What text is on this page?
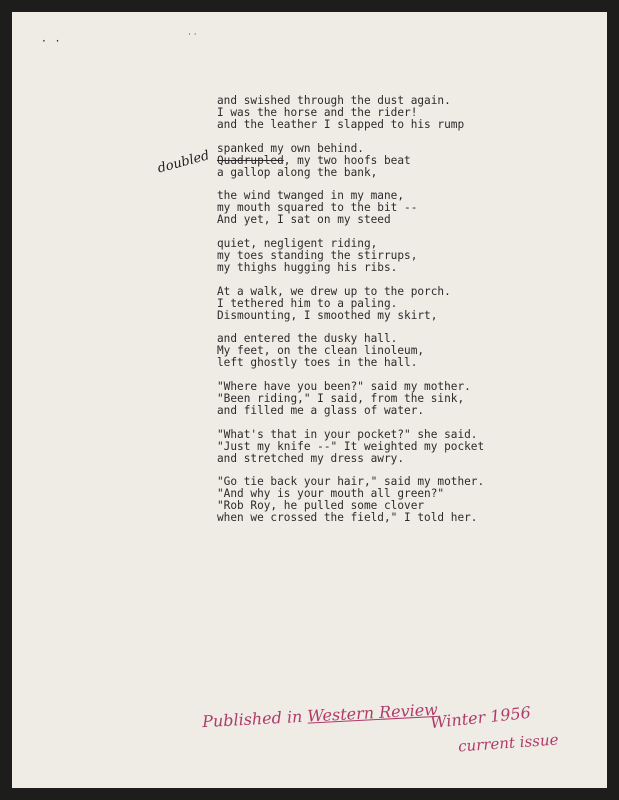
· ·	· ·
doubled
and swished through the dust again.
I was the horse and the rider!
and the leather I slapped to his rump
spanked my own behind.
Quadrupled, my two hoofs beat
a gallop along the bank,
the wind twanged in my mane,
my mouth squared to the bit --
And yet, I sat on my steed
quiet, negligent riding,
my toes standing the stirrups,
my thighs hugging his ribs.
At a walk, we drew up to the porch.
I tethered him to a paling.
Dismounting, I smoothed my skirt,
and entered the dusky hall.
My feet, on the clean linoleum,
left ghostly toes in the hall.
"Where have you been?" said my mother.
"Been riding," I said, from the sink,
and filled me a glass of water.
"What's that in your pocket?" she said.
"Just my knife --" It weighted my pocket
and stretched my dress awry.
"Go tie back your hair," said my mother.
"And why is your mouth all green?"
"Rob Roy, he pulled some clover
when we crossed the field," I told her.
Published in Western Review
Winter 1956
current issue
